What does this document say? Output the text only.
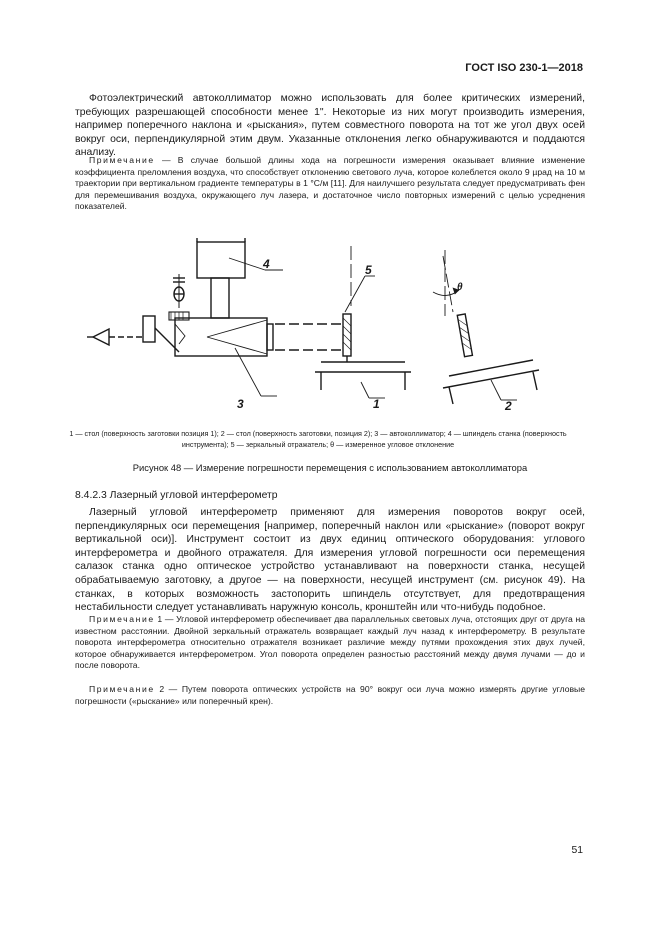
ГОСТ ISO 230-1—2018

Фотоэлектрический автоколлиматор можно использовать для более критических измерений, требующих разрешающей способности менее 1". Некоторые из них могут производить измерения, например поперечного наклона и «рыскания», путем совместного поворота на тот же угол двух осей вокруг оси, перпендикулярной этим двум. Указанные отклонения легко обнаруживаются и поддаются анализу.

Примечание — В случае большой длины хода на погрешности измерения оказывает влияние изменение коэффициента преломления воздуха, что способствует отклонению светового луча, которое колеблется около 9 µрад на 10 м траектории при вертикальном градиенте температуры в 1 °С/м [11]. Для наилучшего результата следует предусматривать фен для перемешивания воздуха, окружающего луч лазера, и достаточное число повторных измерений с целью усреднения показателей.

4
3
5
1	2
θ
1 — стол (поверхность заготовки позиция 1); 2 — стол (поверхность заготовки, позиция 2); 3 — автоколлиматор; 4 — шпиндель станка (поверхность инструмента); 5 — зеркальный отражатель; θ — измеренное угловое отклонение
Рисунок 48 — Измерение погрешности перемещения с использованием автоколлиматора
8.4.2.3 Лазерный угловой интерферометр

Лазерный угловой интерферометр применяют для измерения поворотов вокруг осей, перпендикулярных оси перемещения [например, поперечный наклон или «рыскание» (поворот вокруг вертикальной оси)]. Инструмент состоит из двух единиц оптического оборудования: углового интерферометра и двойного отражателя. Для измерения угловой погрешности оси перемещения салазок станка одно оптическое устройство устанавливают на поверхности станка, несущей обрабатываемую заготовку, а другое — на поверхности, несущей инструмент (см. рисунок 49). На станках, в которых возможность застопорить шпиндель отсутствует, для предотвращения нестабильности следует устанавливать наружную консоль, кронштейн или что-нибудь подобное.

Примечание 1 — Угловой интерферометр обеспечивает два параллельных световых луча, отстоящих друг от друга на известном расстоянии. Двойной зеркальный отражатель возвращает каждый луч назад к интерферометру. В результате поворота интерферометра относительно отражателя возникает различие между путями прохождения этих двух лучей, которое обнаруживается интерферометром. Угол поворота определен разностью расстояний между двумя лучами — до и после поворота.

Примечание 2 — Путем поворота оптических устройств на 90° вокруг оси луча можно измерять другие угловые погрешности («рыскание» или поперечный крен).

51
